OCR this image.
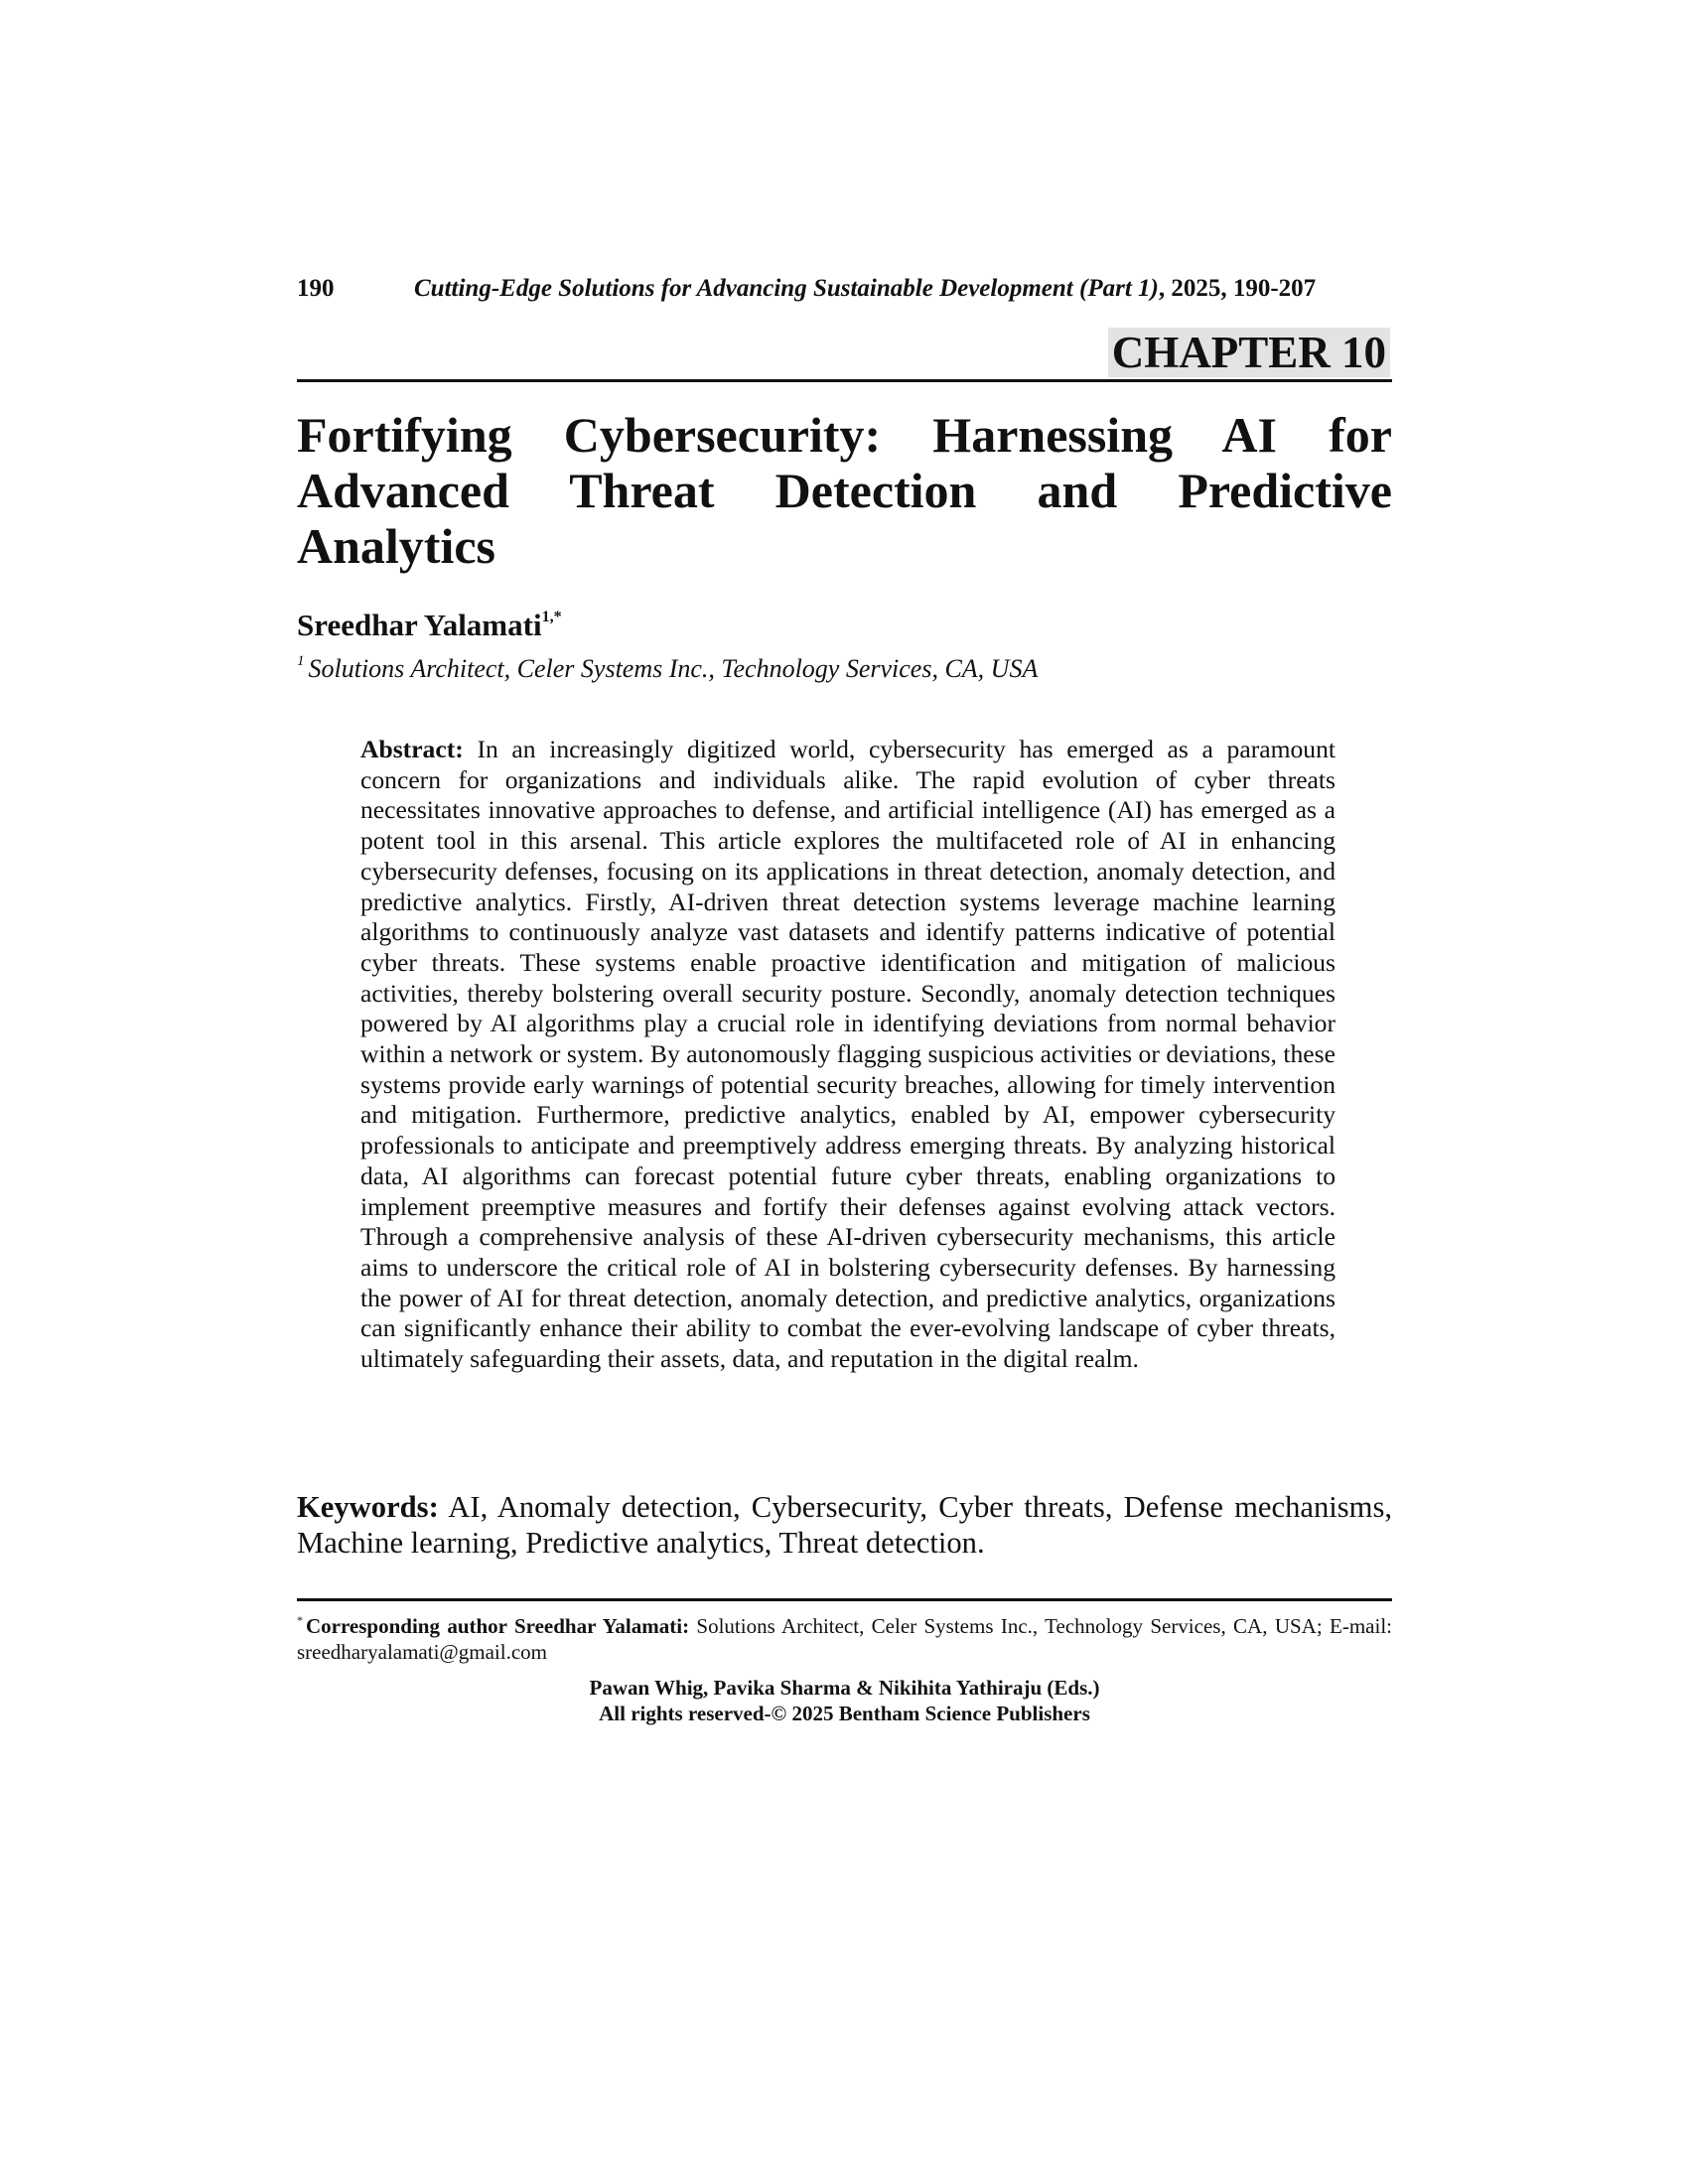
190	Cutting-Edge Solutions for Advancing Sustainable Development (Part 1), 2025, 190-207
CHAPTER 10
Fortifying Cybersecurity: Harnessing AI for Advanced Threat Detection and Predictive Analytics
Sreedhar Yalamati$^{1,*}$
$^1$ Solutions Architect, Celer Systems Inc., Technology Services, CA, USA

Abstract: In an increasingly digitized world, cybersecurity has emerged as a paramount concern for organizations and individuals alike. The rapid evolution of cyber threats necessitates innovative approaches to defense, and artificial intelligence (AI) has emerged as a potent tool in this arsenal. This article explores the multifaceted role of AI in enhancing cybersecurity defenses, focusing on its applications in threat detection, anomaly detection, and predictive analytics. Firstly, AI-driven threat detection systems leverage machine learning algorithms to continuously analyze vast datasets and identify patterns indicative of potential cyber threats. These systems enable proactive identification and mitigation of malicious activities, thereby bolstering overall security posture. Secondly, anomaly detection techniques powered by AI algorithms play a crucial role in identifying deviations from normal behavior within a network or system. By autonomously flagging suspicious activities or deviations, these systems provide early warnings of potential security breaches, allowing for timely intervention and mitigation. Furthermore, predictive analytics, enabled by AI, empower cybersecurity professionals to anticipate and preemptively address emerging threats. By analyzing historical data, AI algorithms can forecast potential future cyber threats, enabling organizations to implement preemptive measures and fortify their defenses against evolving attack vectors. Through a comprehensive analysis of these AI-driven cybersecurity mechanisms, this article aims to underscore the critical role of AI in bolstering cybersecurity defenses. By harnessing the power of AI for threat detection, anomaly detection, and predictive analytics, organizations can significantly enhance their ability to combat the ever-evolving landscape of cyber threats, ultimately safeguarding their assets, data, and reputation in the digital realm.

Keywords: AI, Anomaly detection, Cybersecurity, Cyber threats, Defense mechanisms, Machine learning, Predictive analytics, Threat detection.

* Corresponding author Sreedhar Yalamati: Solutions Architect, Celer Systems Inc., Technology Services, CA, USA; E-mail: sreedharyalamati@gmail.com

Pawan Whig, Pavika Sharma & Nikihita Yathiraju (Eds.)
All rights reserved-© 2025 Bentham Science Publishers
